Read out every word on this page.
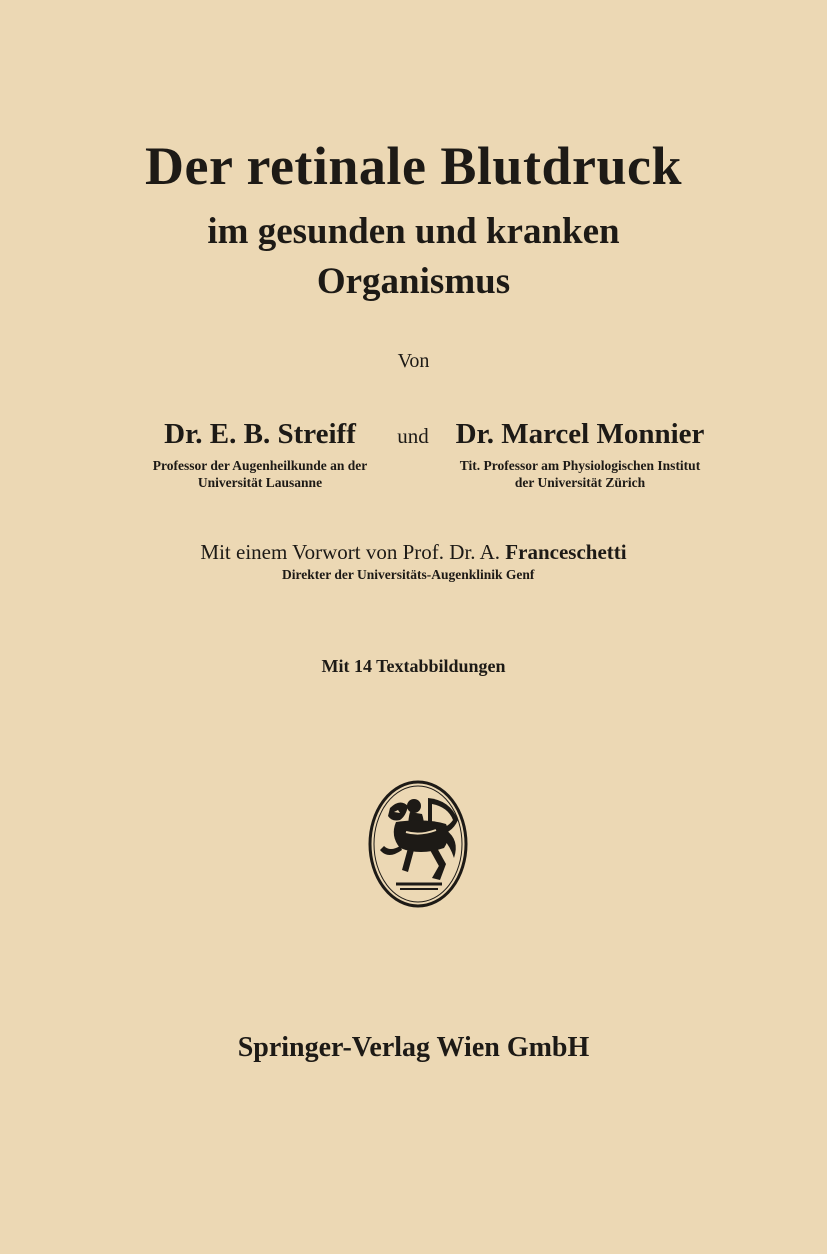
Der retinale Blutdruck
im gesunden und kranken
Organismus
Von
Dr. E. B. Streiff	und Dr. Marcel Monnier
Professor der Augenheilkunde an der
Universität Lausanne
Tit. Professor am Physiologischen Institut
der Universität Zürich
Mit einem Vorwort von Prof. Dr. A. Franceschetti
Direkter der Universitäts-Augenklinik Genf
Mit 14 Textabbildungen
Springer-Verlag Wien GmbH
